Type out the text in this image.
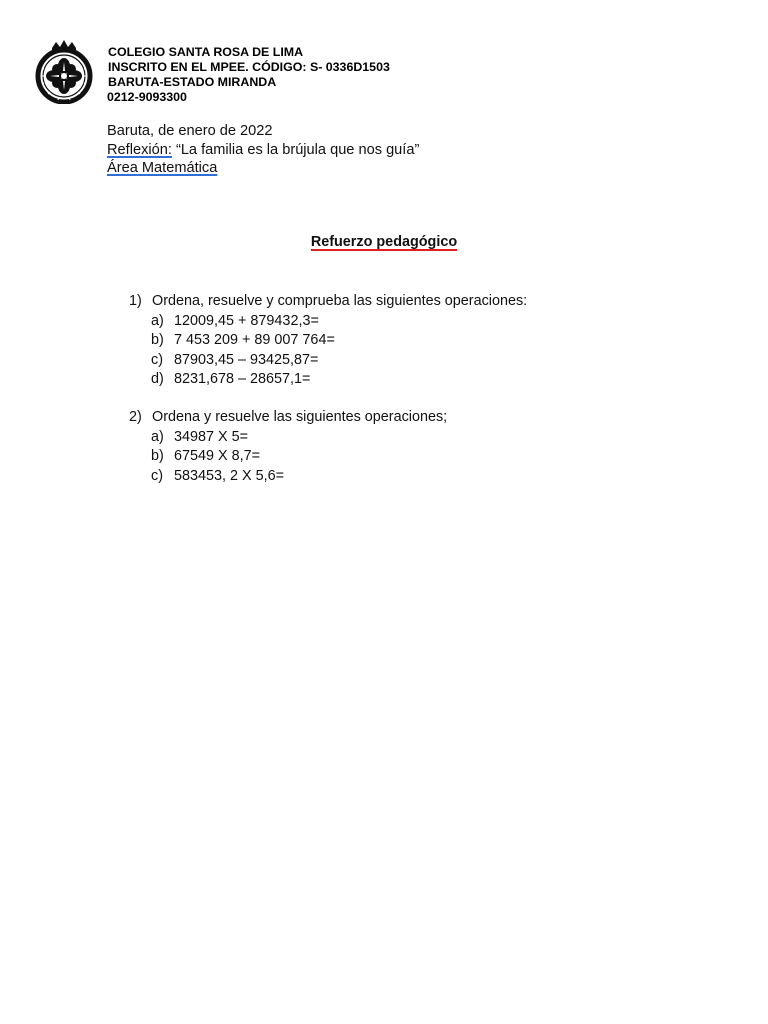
COLEGIO SANTA ROSA DE LIMA
INSCRITO EN EL MPEE. CÓDIGO: S- 0336D1503
BARUTA-ESTADO MIRANDA
0212-9093300
Baruta, de enero de 2022
Reflexión: “La familia es la brújula que nos guía”
Área Matemática
Refuerzo pedagógico
1) Ordena, resuelve y comprueba las siguientes operaciones:
a) 12009,45 + 879432,3=
b) 7 453 209 + 89 007 764=
c) 87903,45 – 93425,87=
d) 8231,678 – 28657,1=
2) Ordena y resuelve las siguientes operaciones;
a) 34987 X 5=
b) 67549 X 8,7=
c) 583453, 2 X 5,6=
